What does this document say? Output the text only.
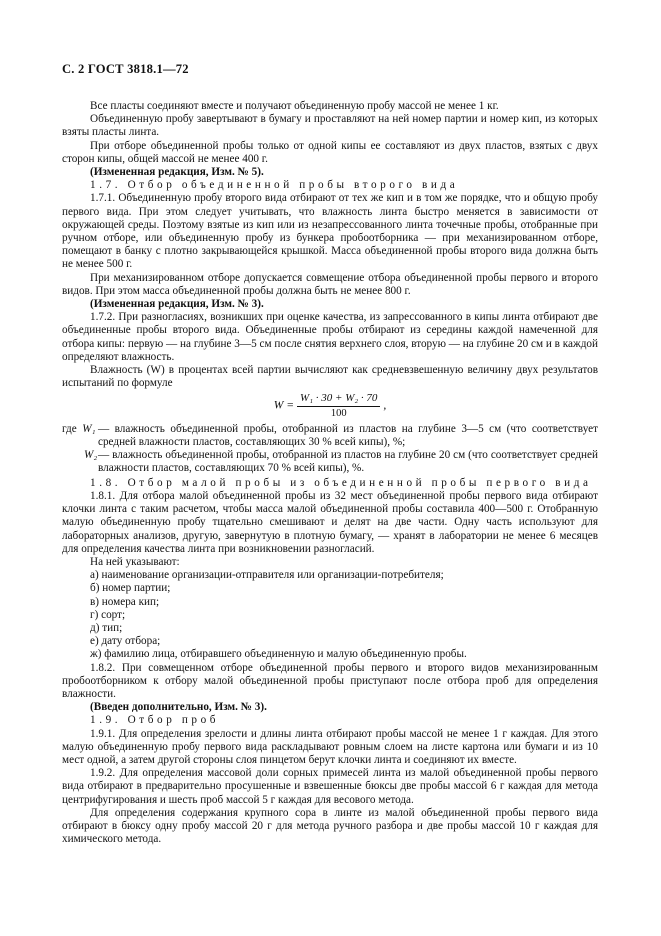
С. 2 ГОСТ 3818.1—72

Все пласты соединяют вместе и получают объединенную пробу массой не менее 1 кг.

Объединенную пробу завертывают в бумагу и проставляют на ней номер партии и номер кип, из которых взяты пласты линта.

При отборе объединенной пробы только от одной кипы ее составляют из двух пластов, взятых с двух сторон кипы, общей массой не менее 400 г.

(Измененная редакция, Изм. № 5).

1.7. Отбор объединенной пробы второго вида

1.7.1. Объединенную пробу второго вида отбирают от тех же кип и в том же порядке, что и общую пробу первого вида. При этом следует учитывать, что влажность линта быстро меняется в зависимости от окружающей среды. Поэтому взятые из кип или из незапрессованного линта точечные пробы, отобранные при ручном отборе, или объединенную пробу из бункера пробоотборника — при механизированном отборе, помещают в банку с плотно закрывающейся крышкой. Масса объединенной пробы второго вида должна быть не менее 500 г.

При механизированном отборе допускается совмещение отбора объединенной пробы первого и второго видов. При этом масса объединенной пробы должна быть не менее 800 г.

(Измененная редакция, Изм. № 3).

1.7.2. При разногласиях, возникших при оценке качества, из запрессованного в кипы линта отбирают две объединенные пробы второго вида. Объединенные пробы отбирают из середины каждой намеченной для отбора кипы: первую — на глубине 3—5 см после снятия верхнего слоя, вторую — на глубине 20 см и в каждой определяют влажность.

Влажность (W) в процентах всей партии вычисляют как средневзвешенную величину двух результатов испытаний по формуле

$W = \frac{\text{W₁ · 30 + W₂ · 70}}{100}$ ,
где W₁ — влажность объединенной пробы, отобранной из пластов на глубине 3—5 см (что соответствует средней влажности пластов, составляющих 30 % всей кипы), %;
W₂ — влажность объединенной пробы, отобранной из пластов на глубине 20 см (что соответствует средней влажности пластов, составляющих 70 % всей кипы), %.

1.8. Отбор малой пробы из объединенной пробы первого вида

1.8.1. Для отбора малой объединенной пробы из 32 мест объединенной пробы первого вида отбирают клочки линта с таким расчетом, чтобы масса малой объединенной пробы составила 400—500 г. Отобранную малую объединенную пробу тщательно смешивают и делят на две части. Одну часть используют для лабораторных анализов, другую, завернутую в плотную бумагу, — хранят в лаборатории не менее 6 месяцев для определения качества линта при возникновении разногласий.

На ней указывают:

а) наименование организации-отправителя или организации-потребителя;

б) номер партии;

в) номера кип;

г) сорт;

д) тип;

е) дату отбора;

ж) фамилию лица, отбиравшего объединенную и малую объединенную пробы.

1.8.2. При совмещенном отборе объединенной пробы первого и второго видов механизированным пробоотборником к отбору малой объединенной пробы приступают после отбора проб для определения влажности.

(Введен дополнительно, Изм. № 3).

1.9. Отбор проб

1.9.1. Для определения зрелости и длины линта отбирают пробы массой не менее 1 г каждая. Для этого малую объединенную пробу первого вида раскладывают ровным слоем на листе картона или бумаги и из 10 мест одной, а затем другой стороны слоя пинцетом берут клочки линта и соединяют их вместе.

1.9.2. Для определения массовой доли сорных примесей линта из малой объединенной пробы первого вида отбирают в предварительно просушенные и взвешенные бюксы две пробы массой 6 г каждая для метода центрифугирования и шесть проб массой 5 г каждая для весового метода.

Для определения содержания крупного сора в линте из малой объединенной пробы первого вида отбирают в бюксу одну пробу массой 20 г для метода ручного разбора и две пробы массой 10 г каждая для химического метода.
